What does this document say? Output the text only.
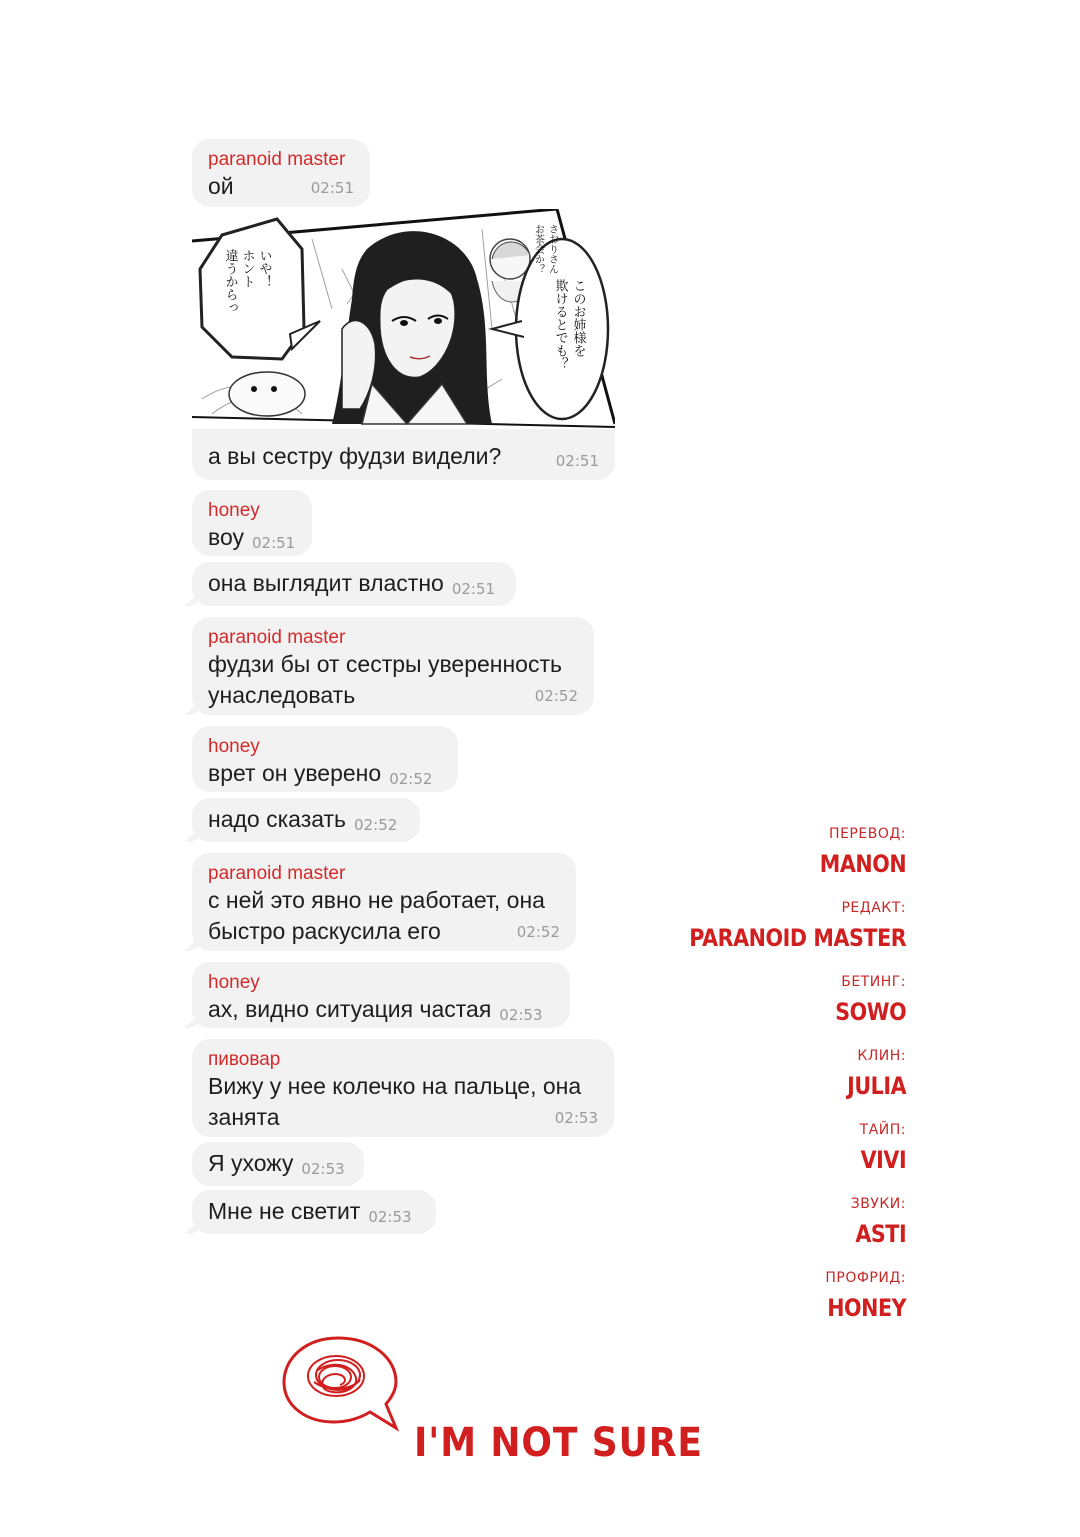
paranoid master
ой	02:51
いや！
ホント
違うからっ	このお姉様を
欺けるとでも？
さおりさん
お茶会か？
а вы сестру фудзи видели?	02:51
honey
воу 02:51
она выглядит властно 02:51
paranoid master
фудзи бы от сестры уверенность
унаследовать	02:52
honey
врет он уверено 02:52
надо сказать 02:52
paranoid master
с ней это явно не работает, она
быстро раскусила его	02:52
honey
ах, видно ситуация частая 02:53
пивовар
Вижу у нее колечко на пальце, она
занята	02:53
Я ухожу 02:53
Мне не светит 02:53
ПЕРЕВОД:
MANON
РЕДАКТ:
PARANOID MASTER
БЕТИНГ:
SOWO
КЛИН:
JULIA
ТАЙП:
VIVI
ЗВУКИ:
ASTI
ПРОФРИД:
HONEY
I'M NOT SURE
